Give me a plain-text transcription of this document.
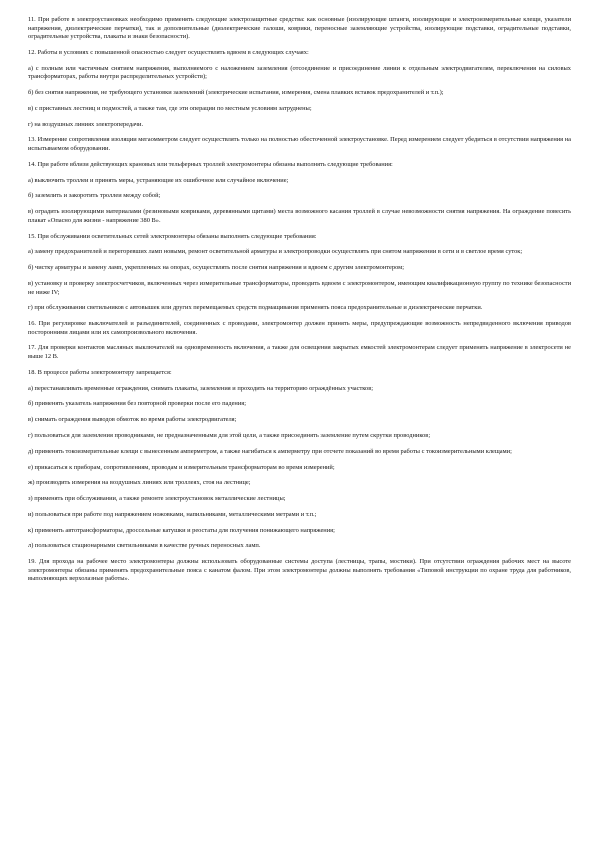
11. При работе в электроустановках необходимо применять следующие электрозащитные средства: как основные (изолирующие штанги, изолирующие и электроизмерительные клещи, указатели напряжения, диэлектрические перчатки), так и дополнительные (диэлектрические галоши, коврики, переносные заземляющие устройства, изолирующие подставки, оградительные подставки, оградительные устройства, плакаты и знаки безопасности).

12. Работы в условиях с повышенной опасностью следует осуществлять вдвоем в следующих случаях:

а) с полным или частичным снятием напряжения, выполняемого с наложением заземления (отсоединение и присоединение линии к отдельным электродвигателям, переключения на силовых трансформаторах, работы внутри распределительных устройств);

б) без снятия напряжения, не требующего установки заземлений (электрические испытания, измерения, смена плавких вставок предохранителей и т.п.);

в) с приставных лестниц и подмостей, а также там, где эти операции по местным условиям затруднены;

г) на воздушных линиях электропередачи.

13. Измерение сопротивления изоляции мегаомметром следует осуществлять только на полностью обесточенной электроустановке. Перед измерением следует убедиться в отсутствии напряжения на испытываемом оборудовании.

14. При работе вблизи действующих крановых или тельферных троллей электромонтеры обязаны выполнять следующие требования:

а) выключить троллеи и принять меры, устраняющие их ошибочное или случайное включение;

б) заземлить и закоротить троллеи между собой;

в) оградить изолирующими материалами (резиновыми ковриками, деревянными щитами) места возможного касания троллей в случае невозможности снятия напряжения. На ограждение повесить плакат «Опасно для жизни - напряжение 380 В».

15. При обслуживании осветительных сетей электромонтеры обязаны выполнять следующие требования:

а) замену предохранителей и перегоревших ламп новыми, ремонт осветительной арматуры и электропроводки осуществлять при снятом напряжении в сети и в светлое время суток;

б) чистку арматуры и замену ламп, укрепленных на опорах, осуществлять после снятия напряжения и вдвоем с другим электромонтером;

в) установку и проверку электросчетчиков, включенных через измерительные трансформаторы, проводить вдвоем с электромонтером, имеющим квалификационную группу по технике безопасности не ниже IV;

г) при обслуживании светильников с автовышек или других перемещаемых средств подмащивания применять пояса предохранительные и диэлектрические перчатки.

16. При регулировке выключателей и разъединителей, соединенных с проводами, электромонтер должен принять меры, предупреждающие возможность непредвиденного включения приводов посторонними лицами или их самопроизвольного включения.

17. Для проверки контактов масляных выключателей на одновременность включения, а также для освещения закрытых емкостей электромонтерам следует применять напряжение в электросети не выше 12 В.

18. В процессе работы электромонтеру запрещается:

а) перестанавливать временные ограждения, снимать плакаты, заземления и проходить на территорию ограждённых участков;

б) применять указатель напряжения без повторной проверки после его падения;

в) снимать ограждения выводов обмоток во время работы электродвигателя;

г) пользоваться для заземления проводниками, не предназначенными для этой цели, а также присоединять заземление путем скрутки проводников;

д) применять токоизмерительные клещи с вынесенным амперметром, а также нагибаться к амперметру при отсчете показаний во время работы с токоизмерительными клещами;

е) прикасаться к приборам, сопротивлениям, проводам и измерительным трансформаторам во время измерений;

ж) производить измерения на воздушных линиях или троллеях, стоя на лестнице;

з) применять при обслуживании, а также ремонте электроустановок металлические лестницы;

и) пользоваться при работе под напряжением ножовками, напильниками, металлическими метрами и т.п.;

к) применять автотрансформаторы, дроссельные катушки и реостаты для получения понижающего напряжения;

л) пользоваться стационарными светильниками в качестве ручных переносных ламп.

19. Для прохода на рабочее место электромонтеры должны использовать оборудованные системы доступа (лестницы, трапы, мостики). При отсутствии ограждения рабочих мест на высоте электромонтеры обязаны применять предохранительные пояса с канатом фалом. При этом электромонтеры должны выполнять требования «Типовой инструкции по охране труда для работников, выполняющих верхолазные работы».
